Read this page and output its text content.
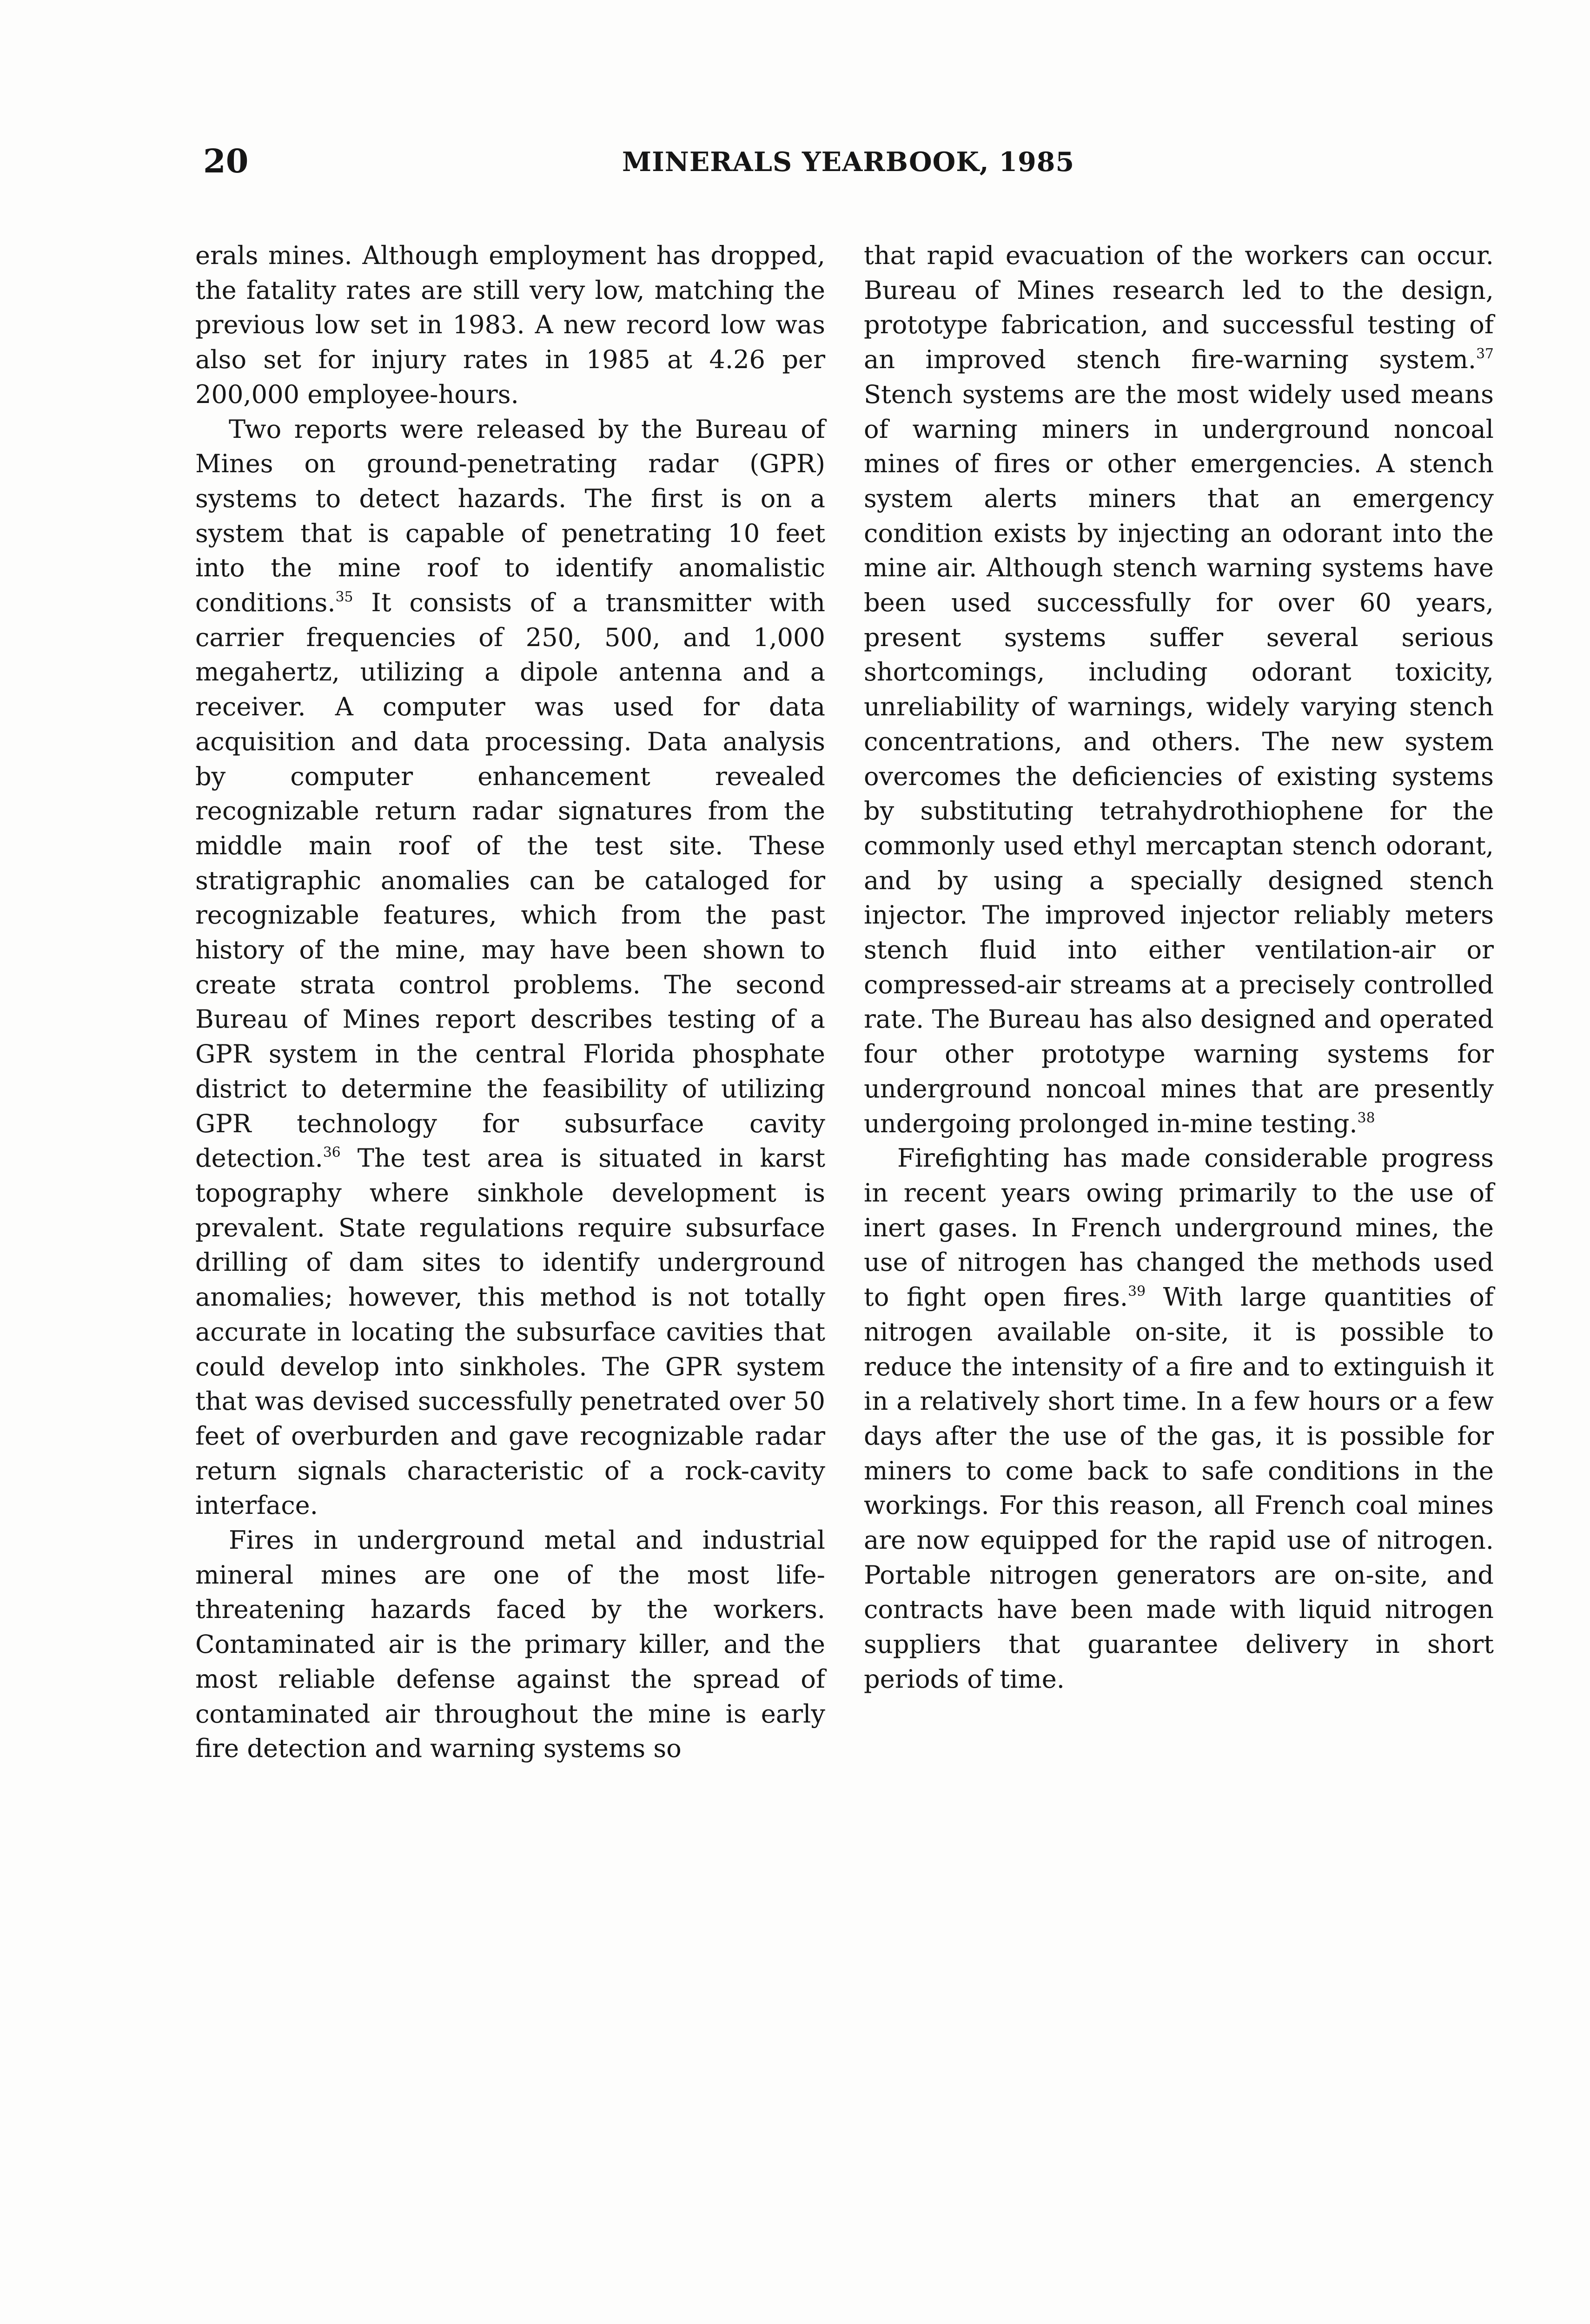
20	MINERALS YEARBOOK, 1985

erals mines. Although employment has dropped, the fatality rates are still very low, matching the previous low set in 1983. A new record low was also set for injury rates in 1985 at 4.26 per 200,000 employee-hours.

Two reports were released by the Bureau of Mines on ground-penetrating radar (GPR) systems to detect hazards. The first is on a system that is capable of penetrating 10 feet into the mine roof to identify anomalistic conditions.$^{35}$ It consists of a transmitter with carrier frequencies of 250, 500, and 1,000 megahertz, utilizing a dipole antenna and a receiver. A computer was used for data acquisition and data processing. Data analysis by computer enhancement revealed recognizable return radar signatures from the middle main roof of the test site. These stratigraphic anomalies can be cataloged for recognizable features, which from the past history of the mine, may have been shown to create strata control problems. The second Bureau of Mines report describes testing of a GPR system in the central Florida phosphate district to determine the feasibility of utilizing GPR technology for subsurface cavity detection.$^{36}$ The test area is situated in karst topography where sinkhole development is prevalent. State regulations require subsurface drilling of dam sites to identify underground anomalies; however, this method is not totally accurate in locating the subsurface cavities that could develop into sinkholes. The GPR system that was devised successfully penetrated over 50 feet of overburden and gave recognizable radar return signals characteristic of a rock-cavity interface.

Fires in underground metal and industrial mineral mines are one of the most life-threatening hazards faced by the workers. Contaminated air is the primary killer, and the most reliable defense against the spread of contaminated air throughout the mine is early fire detection and warning systems so

that rapid evacuation of the workers can occur. Bureau of Mines research led to the design, prototype fabrication, and successful testing of an improved stench fire-warning system.$^{37}$ Stench systems are the most widely used means of warning miners in underground noncoal mines of fires or other emergencies. A stench system alerts miners that an emergency condition exists by injecting an odorant into the mine air. Although stench warning systems have been used successfully for over 60 years, present systems suffer several serious shortcomings, including odorant toxicity, unreliability of warnings, widely varying stench concentrations, and others. The new system overcomes the deficiencies of existing systems by substituting tetrahydrothiophene for the commonly used ethyl mercaptan stench odorant, and by using a specially designed stench injector. The improved injector reliably meters stench fluid into either ventilation-air or compressed-air streams at a precisely controlled rate. The Bureau has also designed and operated four other prototype warning systems for underground noncoal mines that are presently undergoing prolonged in-mine testing.$^{38}$

Firefighting has made considerable progress in recent years owing primarily to the use of inert gases. In French underground mines, the use of nitrogen has changed the methods used to fight open fires.$^{39}$ With large quantities of nitrogen available on-site, it is possible to reduce the intensity of a fire and to extinguish it in a relatively short time. In a few hours or a few days after the use of the gas, it is possible for miners to come back to safe conditions in the workings. For this reason, all French coal mines are now equipped for the rapid use of nitrogen. Portable nitrogen generators are on-site, and contracts have been made with liquid nitrogen suppliers that guarantee delivery in short periods of time.
